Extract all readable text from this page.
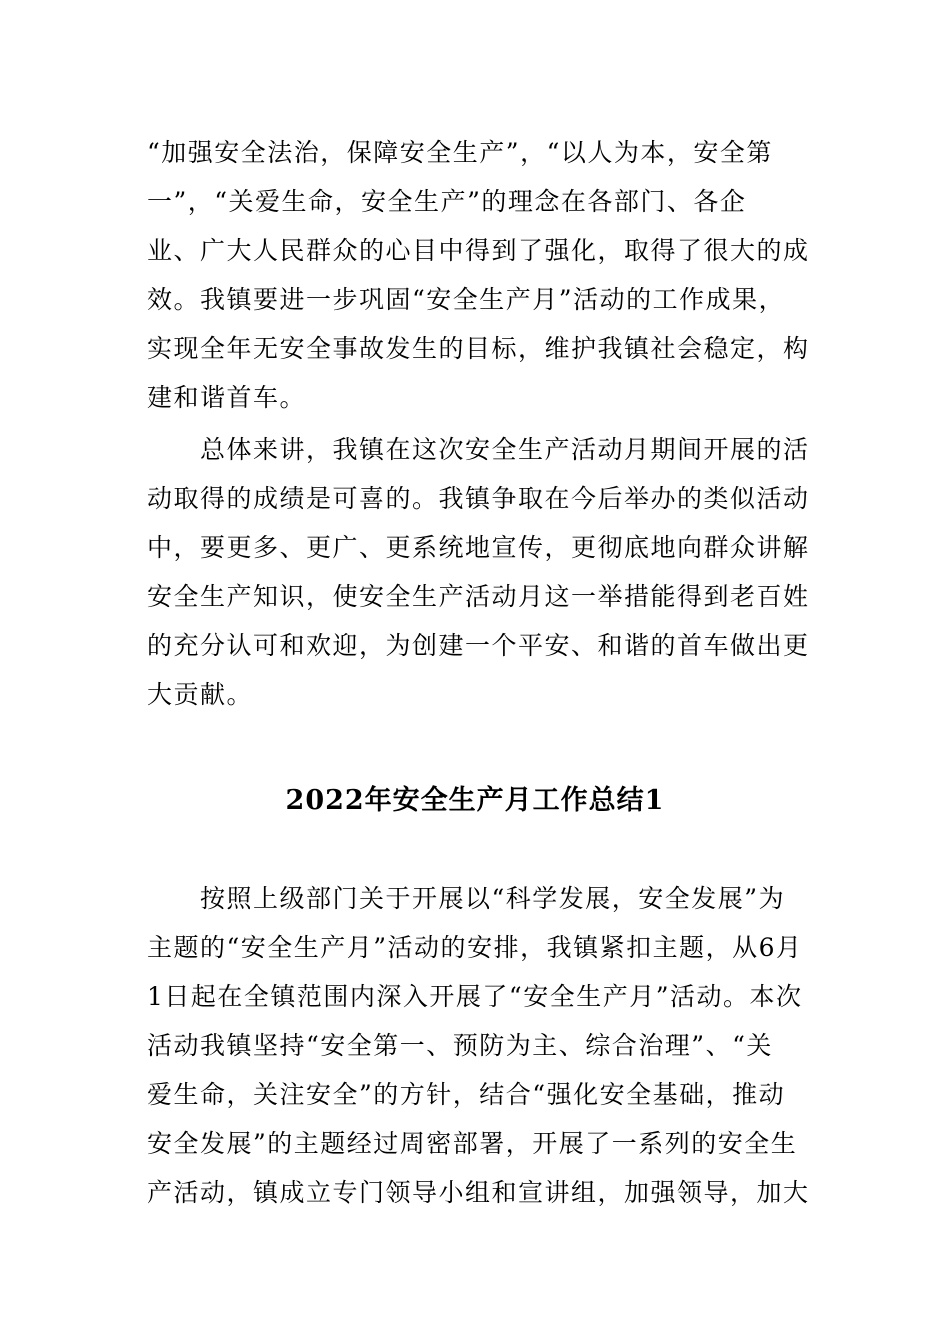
“加强安全法治，保障安全生产”，“以人为本，安全第
一”，“关爱生命，安全生产”的理念在各部门、各企
业、广大人民群众的心目中得到了强化，取得了很大的成
效。我镇要进一步巩固“安全生产月”活动的工作成果，
实现全年无安全事故发生的目标，维护我镇社会稳定，构
建和谐首车。
　　总体来讲，我镇在这次安全生产活动月期间开展的活
动取得的成绩是可喜的。我镇争取在今后举办的类似活动
中，要更多、更广、更系统地宣传，更彻底地向群众讲解
安全生产知识，使安全生产活动月这一举措能得到老百姓
的充分认可和欢迎，为创建一个平安、和谐的首车做出更
大贡献。
2022年安全生产月工作总结1
　　按照上级部门关于开展以“科学发展，安全发展”为
主题的“安全生产月”活动的安排，我镇紧扣主题，从6月
1日起在全镇范围内深入开展了“安全生产月”活动。本次
活动我镇坚持“安全第一、预防为主、综合治理”、“关
爱生命，关注安全”的方针，结合“强化安全基础，推动
安全发展”的主题经过周密部署，开展了一系列的安全生
产活动，镇成立专门领导小组和宣讲组，加强领导，加大
